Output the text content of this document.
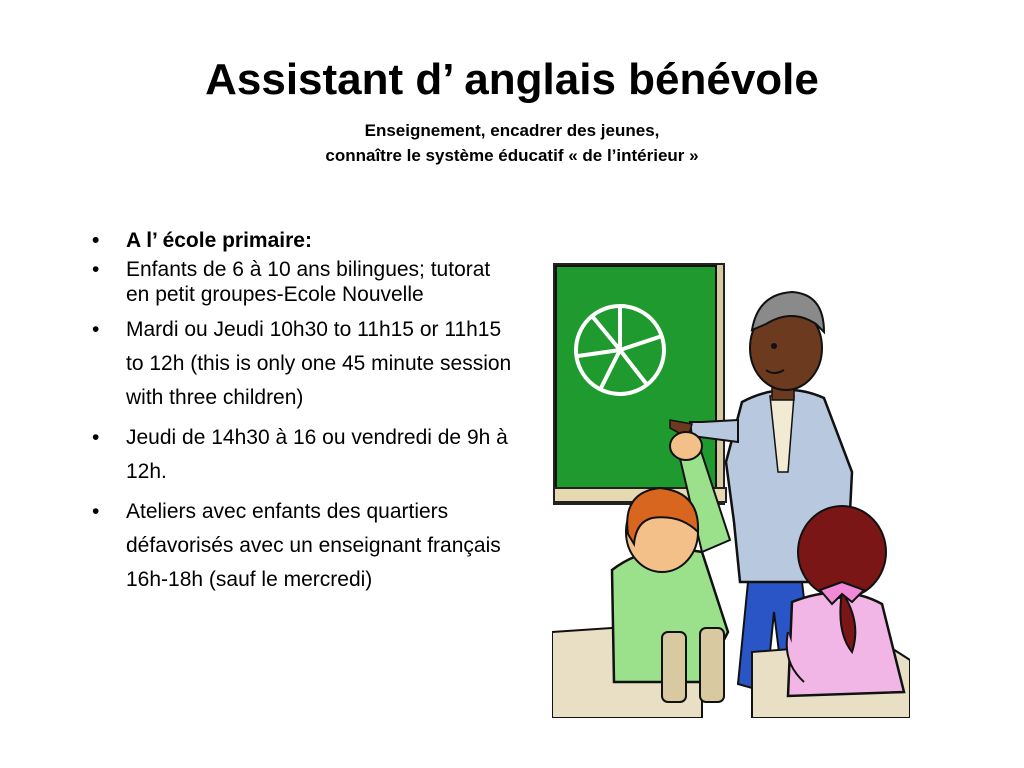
Assistant d’ anglais bénévole
Enseignement, encadrer des jeunes,
connaître le système éducatif « de l’intérieur »
• A l’ école primaire:
• Enfants de 6 à 10 ans bilingues; tutorat en petit groupes-Ecole Nouvelle
• Mardi ou Jeudi 10h30 to 11h15 or 11h15 to 12h (this is only one 45 minute session with three children)
• Jeudi de 14h30 à 16 ou vendredi de 9h à 12h.
• Ateliers avec enfants des quartiers défavorisés avec un enseignant français 16h-18h (sauf le mercredi)
